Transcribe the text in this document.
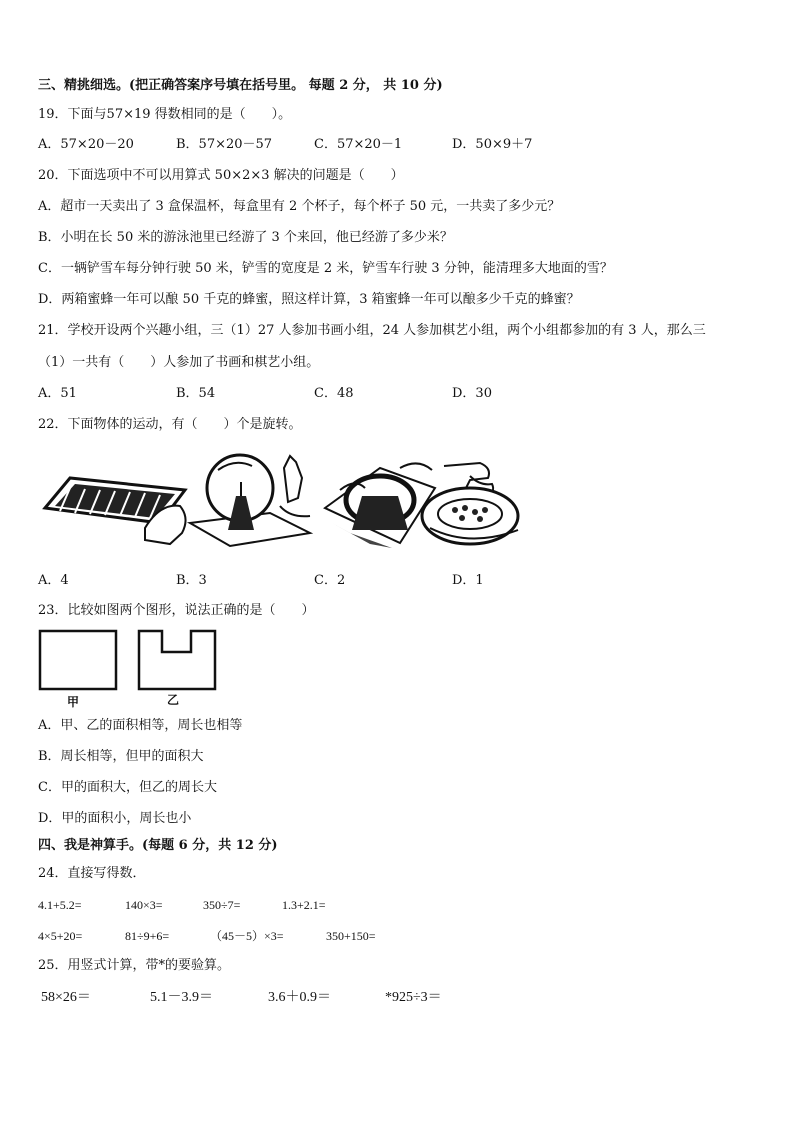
三、精挑细选。(把正确答案序号填在括号里。 每题 2 分， 共 10 分)
19．下面与57×19 得数相同的是（　　）。
A．57×20－20	B．57×20－57	C．57×20－1	D．50×9＋7
20．下面选项中不可以用算式 50×2×3 解决的问题是（　　）
A．超市一天卖出了 3 盒保温杯，每盒里有 2 个杯子，每个杯子 50 元，一共卖了多少元？
B．小明在长 50 米的游泳池里已经游了 3 个来回，他已经游了多少米？
C．一辆铲雪车每分钟行驶 50 米，铲雪的宽度是 2 米，铲雪车行驶 3 分钟，能清理多大地面的雪？
D．两箱蜜蜂一年可以酿 50 千克的蜂蜜，照这样计算，3 箱蜜蜂一年可以酿多少千克的蜂蜜？
21．学校开设两个兴趣小组，三（1）27 人参加书画小组，24 人参加棋艺小组，两个小组都参加的有 3 人，那么三
（1）一共有（　　）人参加了书画和棋艺小组。
A．51	B．54	C．48	D．30
22．下面物体的运动，有（　　）个是旋转。
A．4	B．3	C．2	D．1
23．比较如图两个图形，说法正确的是（　　）
甲	乙
A．甲、乙的面积相等，周长也相等
B．周长相等，但甲的面积大
C．甲的面积大，但乙的周长大
D．甲的面积小，周长也小
四、我是神算手。(每题 6 分，共 12 分)
24．直接写得数．
4.1+5.2=	140×3=	350÷7=	1.3+2.1=
4×5+20=	81÷9+6=	（45－5）×3=	350+150=
25．用竖式计算，带*的要验算。
58×26＝	5.1－3.9＝	3.6＋0.9＝	*925÷3＝
